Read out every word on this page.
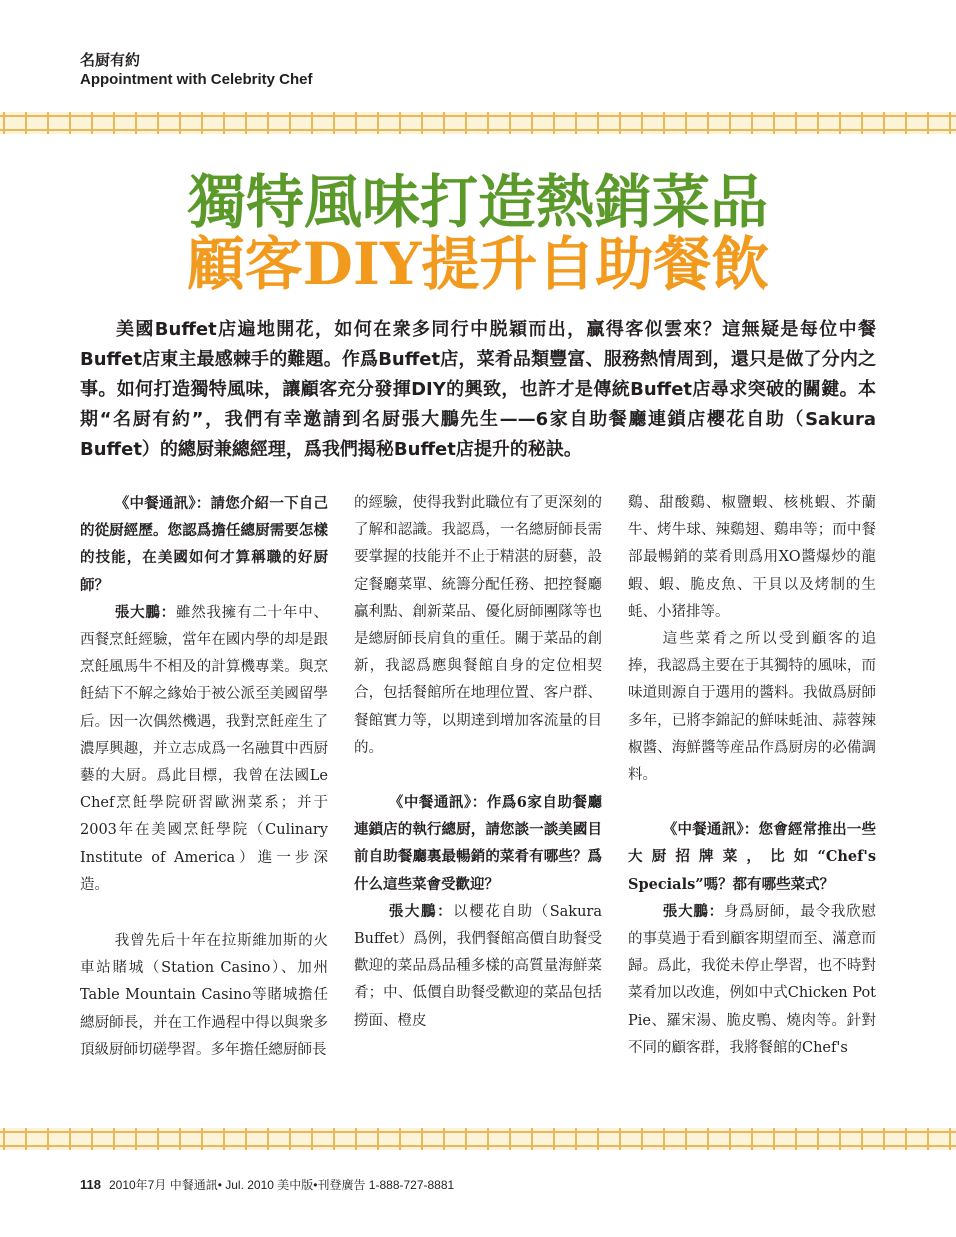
名厨有約
Appointment with Celebrity Chef
獨特風味打造熱銷菜品
顧客DIY提升自助餐飲
美國Buffet店遍地開花，如何在衆多同行中脱穎而出，贏得客似雲來？這無疑是每位中餐Buffet店東主最感棘手的難題。作爲Buffet店，菜肴品類豐富、服務熱情周到，還只是做了分内之事。如何打造獨特風味，讓顧客充分發揮DIY的興致，也許才是傳統Buffet店尋求突破的關鍵。本期“名厨有約”，我們有幸邀請到名厨張大鵬先生——6家自助餐廳連鎖店櫻花自助（Sakura Buffet）的總厨兼總經理，爲我們揭秘Buffet店提升的秘訣。

《中餐通訊》：請您介紹一下自己的從厨經歷。您認爲擔任總厨需要怎樣的技能，在美國如何才算稱職的好厨師？

張大鵬：雖然我擁有二十年中、西餐烹飪經驗，當年在國内學的却是跟烹飪風馬牛不相及的計算機專業。與烹飪結下不解之緣始于被公派至美國留學后。因一次偶然機遇，我對烹飪産生了濃厚興趣，并立志成爲一名融貫中西厨藝的大厨。爲此目標，我曾在法國Le Chef烹飪學院研習歐洲菜系；并于2003年在美國烹飪學院（Culinary Institute of America）進一步深造。

我曾先后十年在拉斯維加斯的火車站賭城（Station Casino）、加州Table Mountain Casino等賭城擔任總厨師長，并在工作過程中得以與衆多頂級厨師切磋學習。多年擔任總厨師長

的經驗，使得我對此職位有了更深刻的了解和認識。我認爲，一名總厨師長需要掌握的技能并不止于精湛的厨藝，設定餐廳菜單、統籌分配任務、把控餐廳贏利點、創新菜品、優化厨師團隊等也是總厨師長肩負的重任。關于菜品的創新，我認爲應與餐館自身的定位相契合，包括餐館所在地理位置、客户群、餐館實力等，以期達到增加客流量的目的。

《中餐通訊》：作爲6家自助餐廳連鎖店的執行總厨，請您談一談美國目前自助餐廳裏最暢銷的菜肴有哪些？爲什么這些菜會受歡迎？

張大鵬：以櫻花自助（Sakura Buffet）爲例，我們餐館高價自助餐受歡迎的菜品爲品種多樣的高質量海鮮菜肴；中、低價自助餐受歡迎的菜品包括撈面、橙皮

鷄、甜酸鷄、椒鹽蝦、核桃蝦、芥蘭牛、烤牛球、辣鷄翅、鷄串等；而中餐部最暢銷的菜肴則爲用XO醬爆炒的龍蝦、蝦、脆皮魚、干貝以及烤制的生蚝、小猪排等。

這些菜肴之所以受到顧客的追捧，我認爲主要在于其獨特的風味，而味道則源自于選用的醬料。我做爲厨師多年，已將李錦記的鮮味蚝油、蒜蓉辣椒醬、海鮮醬等産品作爲厨房的必備調料。

《中餐通訊》：您會經常推出一些大厨招牌菜，比如“Chef's Specials”嗎？都有哪些菜式？

張大鵬：身爲厨師，最令我欣慰的事莫過于看到顧客期望而至、滿意而歸。爲此，我從未停止學習，也不時對菜肴加以改進，例如中式Chicken Pot Pie、羅宋湯、脆皮鴨、燒肉等。針對不同的顧客群，我將餐館的Chef's

118 2010年7月 中餐通訊• Jul. 2010 美中版•刊登廣告 1-888-727-8881
